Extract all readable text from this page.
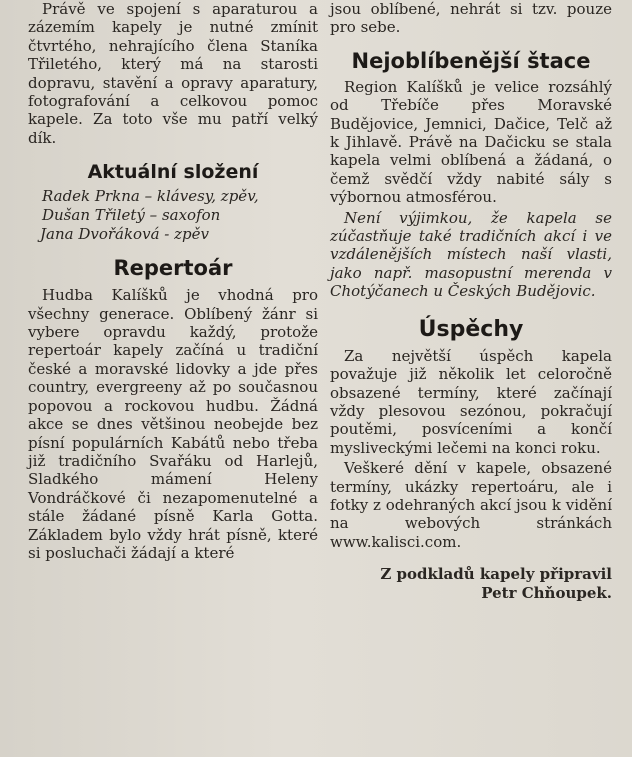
Právě ve spojení s aparaturou a zázemím kapely je nutné zmínit čtvrtého, nehrajícího člena Staníka Třiletého, který má na starosti dopravu, stavění a opravy aparatury, fotografování a celkovou pomoc kapele. Za toto vše mu patří velký dík.

Aktuální složení
Radek Prkna – klávesy, zpěv,
Dušan Třiletý – saxofon
Jana Dvořáková - zpěv
Repertoár

Hudba Kalíšků je vhodná pro všechny generace. Oblíbený žánr si vybere opravdu každý, protože repertoár kapely začíná u tradiční české a moravské lidovky a jde přes country, evergreeny až po současnou popovou a rockovou hudbu. Žádná akce se dnes většinou neobejde bez písní populárních Kabátů nebo třeba již tradičního Svařáku od Harlejů, Sladkého mámení Heleny Vondráčkové či nezapomenutelné a stále žádané písně Karla Gotta. Základem bylo vždy hrát písně, které si posluchači žádají a které

jsou oblíbené, nehrát si tzv. pouze pro sebe.

Nejoblíbenější štace

Region Kalíšků je velice rozsáhlý od Třebíče přes Moravské Budějovice, Jemnici, Dačice, Telč až k Jihlavě. Právě na Dačicku se stala kapela velmi oblíbená a žádaná, o čemž svědčí vždy nabité sály s výbornou atmosférou.

Není výjimkou, že kapela se zúčastňuje také tradičních akcí i ve vzdálenějších místech naší vlasti, jako např. masopustní merenda v Chotýčanech u Českých Budějovic.

Úspěchy

Za největší úspěch kapela považuje již několik let celoročně obsazené termíny, které začínají vždy plesovou sezónou, pokračují poutěmi, posvíceními a končí mysliveckými lečemi na konci roku.

Veškeré dění v kapele, obsazené termíny, ukázky repertoáru, ale i fotky z odehraných akcí jsou k vidění na webových stránkách www.kalisci.com.

Z podkladů kapely připravil
Petr Chňoupek.
